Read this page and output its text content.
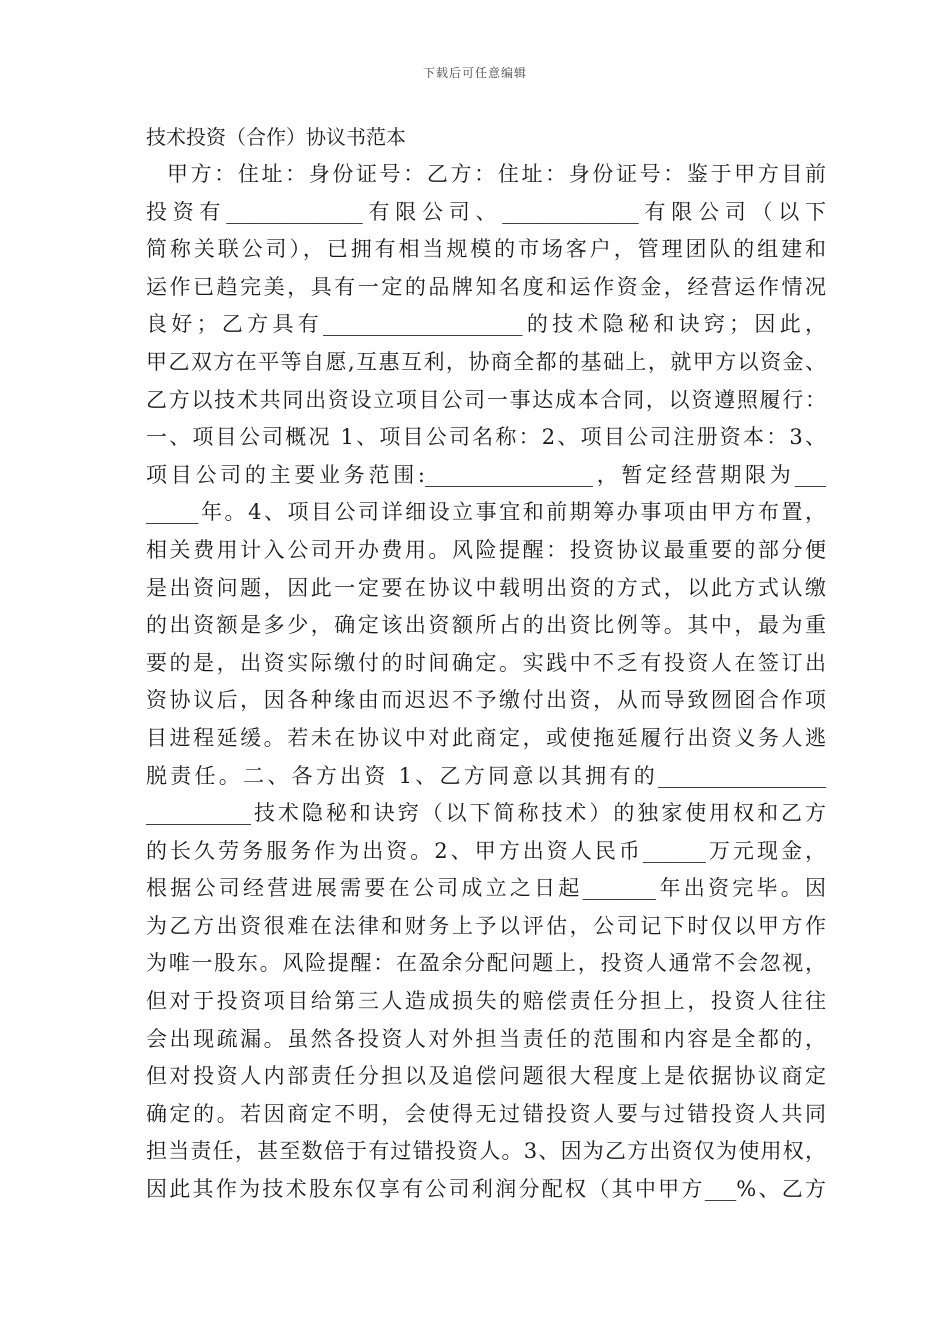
下载后可任意编辑
技术投资（合作）协议书范本
甲方：住址：身份证号：乙方：住址：身份证号：鉴于甲方目前
投资有_____________有限公司、_____________有限公司（以下
简称关联公司），已拥有相当规模的市场客户，管理团队的组建和
运作已趋完美，具有一定的品牌知名度和运作资金，经营运作情况
良好；乙方具有___________________的技术隐秘和诀窍；因此，
甲乙双方在平等自愿,互惠互利，协商全都的基础上，就甲方以资金、
乙方以技术共同出资设立项目公司一事达成本合同，以资遵照履行：
一、项目公司概况 1、项目公司名称：2、项目公司注册资本：3、
项目公司的主要业务范围:________________，暂定经营期限为___
_____年。4、项目公司详细设立事宜和前期筹办事项由甲方布置，
相关费用计入公司开办费用。风险提醒：投资协议最重要的部分便
是出资问题，因此一定要在协议中载明出资的方式，以此方式认缴
的出资额是多少，确定该出资额所占的出资比例等。其中，最为重
要的是，出资实际缴付的时间确定。实践中不乏有投资人在签订出
资协议后，因各种缘由而迟迟不予缴付出资，从而导致囫囵合作项
目进程延缓。若未在协议中对此商定，或使拖延履行出资义务人逃
脱责任。二、各方出资 1、乙方同意以其拥有的________________
__________技术隐秘和诀窍（以下简称技术）的独家使用权和乙方
的长久劳务服务作为出资。2、甲方出资人民币______万元现金，
根据公司经营进展需要在公司成立之日起_______年出资完毕。因
为乙方出资很难在法律和财务上予以评估，公司记下时仅以甲方作
为唯一股东。风险提醒：在盈余分配问题上，投资人通常不会忽视，
但对于投资项目给第三人造成损失的赔偿责任分担上，投资人往往
会出现疏漏。虽然各投资人对外担当责任的范围和内容是全都的，
但对投资人内部责任分担以及追偿问题很大程度上是依据协议商定
确定的。若因商定不明，会使得无过错投资人要与过错投资人共同
担当责任，甚至数倍于有过错投资人。3、因为乙方出资仅为使用权，
因此其作为技术股东仅享有公司利润分配权（其中甲方___%、乙方
